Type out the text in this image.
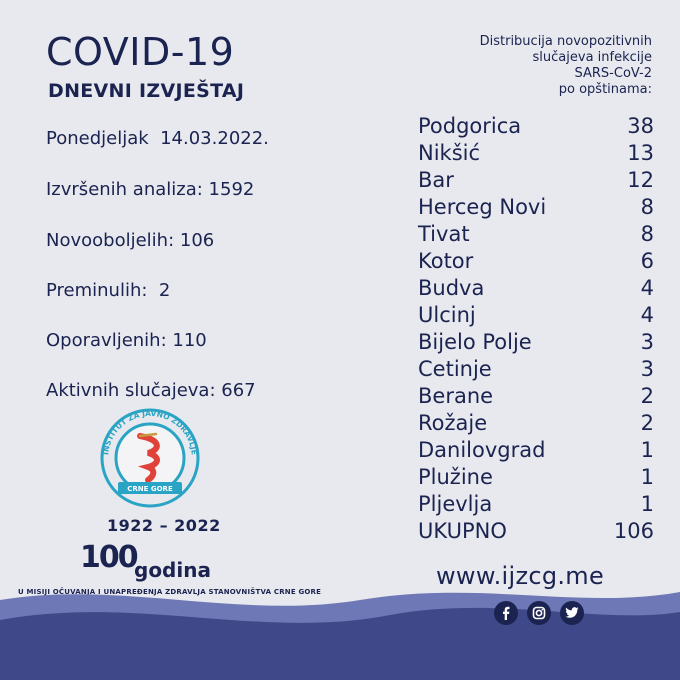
COVID-19
DNEVNI IZVJEŠTAJ
Distribucija novopozitivnih
slučajeva infekcije
SARS-CoV-2
po opštinama:
Ponedjeljak  14.03.2022.
Izvršenih analiza: 1592
Novooboljelih: 106
Preminulih:  2
Oporavljenih: 110
Aktivnih slučajeva: 667
Podgorica	38
Nikšić	13
Bar	12
Herceg Novi	8
Tivat	8
Kotor	6
Budva	4
Ulcinj	4
Bijelo Polje	3
Cetinje	3
Berane	2
Rožaje	2
Danilovgrad	1
Plužine	1
Pljevlja	1
UKUPNO	106
INSTITUT ZA JAVNO ZDRAVLJE
CRNE GORE
1922 – 2022
100
godina
U MISIJI OČUVANJA I UNAPREĐENJA ZDRAVLJA STANOVNIŠTVA CRNE GORE
www.ijzcg.me
